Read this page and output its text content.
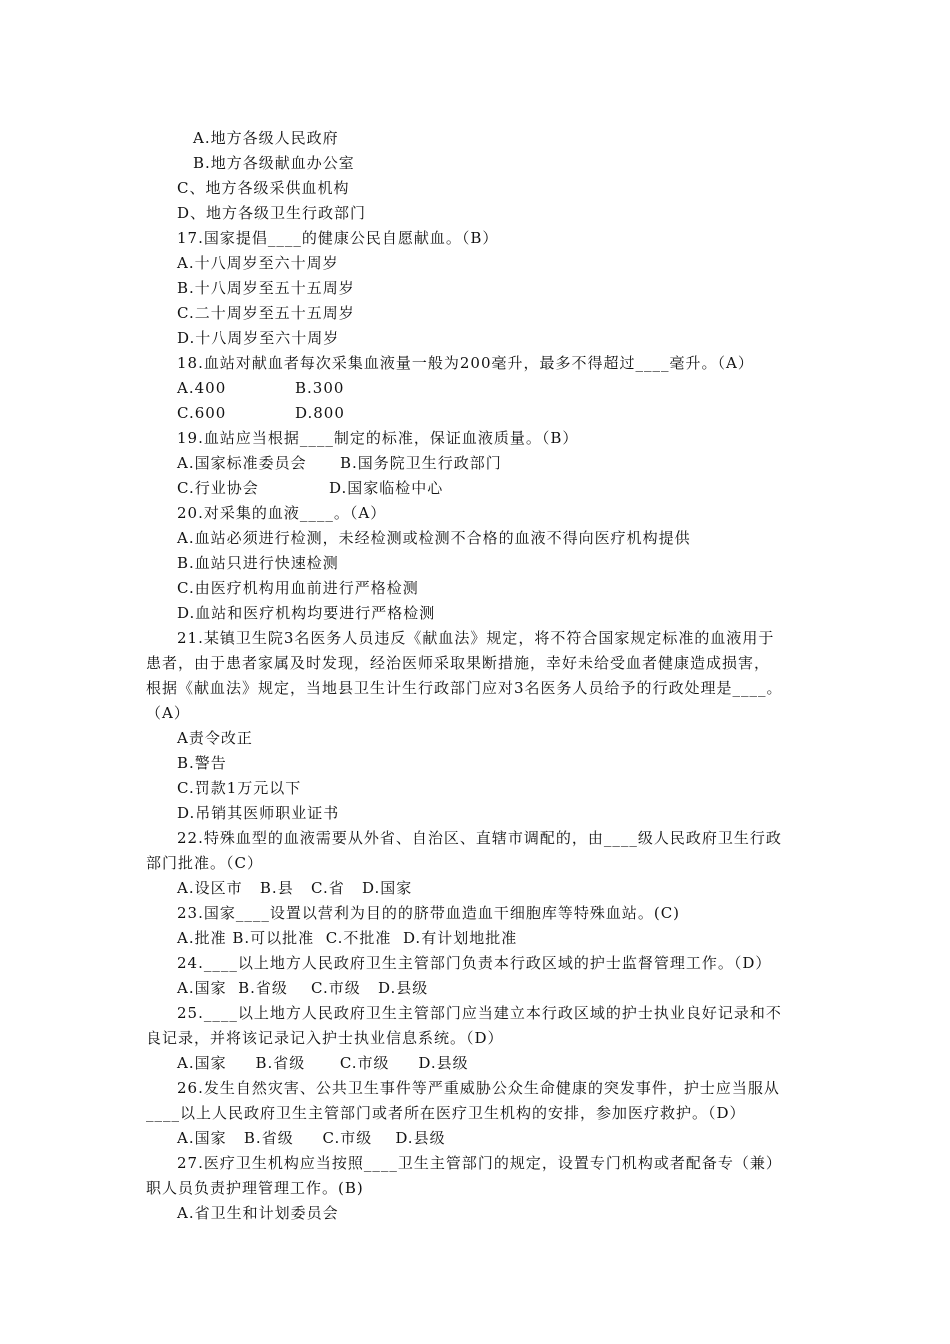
A.地方各级人民政府
B.地方各级献血办公室
C、地方各级采供血机构
D、地方各级卫生行政部门
17.国家提倡____的健康公民自愿献血。（B）
A.十八周岁至六十周岁
B.十八周岁至五十五周岁
C.二十周岁至五十五周岁
D.十八周岁至六十周岁
18.血站对献血者每次采集血液量一般为200毫升，最多不得超过____毫升。（A）
A.400	B.300
C.600	D.800
19.血站应当根据____制定的标准，保证血液质量。（B）
A.国家标准委员会 B.国务院卫生行政部门
C.行业协会	D.国家临检中心
20.对采集的血液____。（A）
A.血站必须进行检测，未经检测或检测不合格的血液不得向医疗机构提供
B.血站只进行快速检测
C.由医疗机构用血前进行严格检测
D.血站和医疗机构均要进行严格检测
21.某镇卫生院3名医务人员违反《献血法》规定，将不符合国家规定标准的血液用于
患者，由于患者家属及时发现，经治医师采取果断措施，幸好未给受血者健康造成损害，
根据《献血法》规定，当地县卫生计生行政部门应对3名医务人员给予的行政处理是____。
（A）
A责令改正
B.警告
C.罚款1万元以下
D.吊销其医师职业证书
22.特殊血型的血液需要从外省、自治区、直辖市调配的，由____级人民政府卫生行政
部门批准。（C）
A.设区市   B.县   C.省   D.国家
23.国家____设置以营利为目的的脐带血造血干细胞库等特殊血站。(C)
A.批准 B.可以批准  C.不批准  D.有计划地批准
24.____以上地方人民政府卫生主管部门负责本行政区域的护士监督管理工作。（D）
A.国家  B.省级    C.市级   D.县级
25.____以上地方人民政府卫生主管部门应当建立本行政区域的护士执业良好记录和不
良记录，并将该记录记入护士执业信息系统。（D）
A.国家     B.省级      C.市级     D.县级
26.发生自然灾害、公共卫生事件等严重威胁公众生命健康的突发事件，护士应当服从
____以上人民政府卫生主管部门或者所在医疗卫生机构的安排，参加医疗救护。（D）
A.国家   B.省级     C.市级    D.县级
27.医疗卫生机构应当按照____卫生主管部门的规定，设置专门机构或者配备专（兼）
职人员负责护理管理工作。(B)
A.省卫生和计划委员会
